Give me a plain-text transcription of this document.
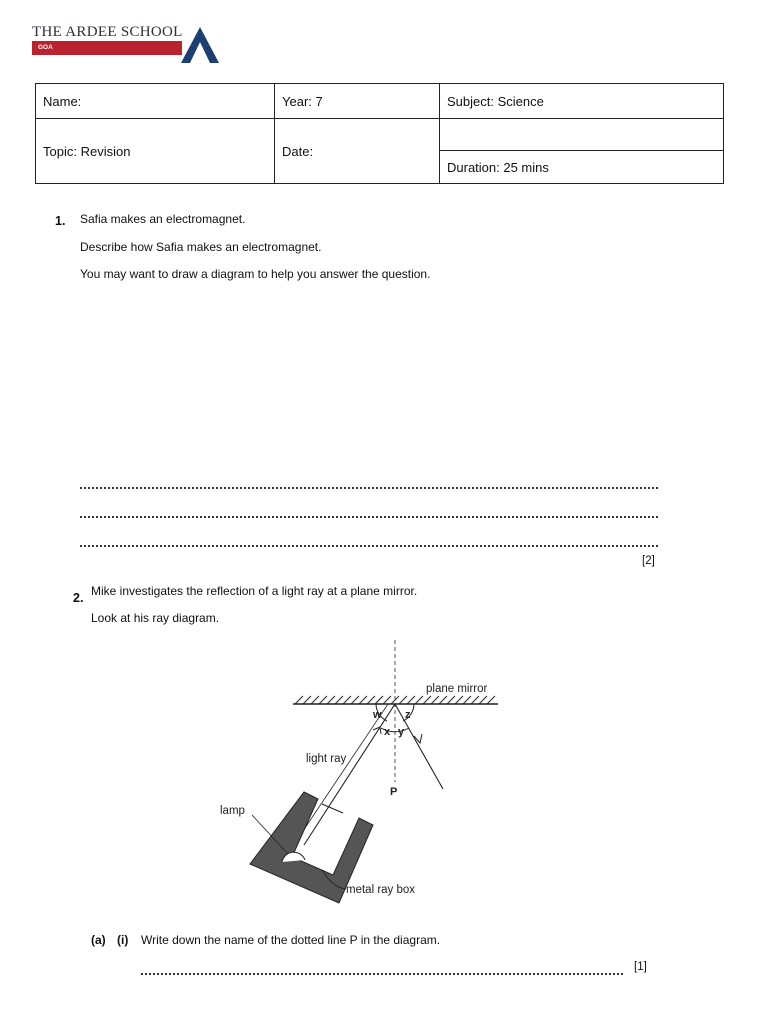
THE ARDEE SCHOOL
GOA
Name:	Year: 7	Subject: Science
Topic: Revision	Date:	
		Duration: 25 mins
1. Safia makes an electromagnet.
Describe how Safia makes an electromagnet.
You may want to draw a diagram to help you answer the question.
[2]
2. Mike investigates the reflection of a light ray at a plane mirror.
Look at his ray diagram.
plane mirror
w z
x y
light ray
P
lamp
metal ray box
(a) (i) Write down the name of the dotted line P in the diagram.
[1]
